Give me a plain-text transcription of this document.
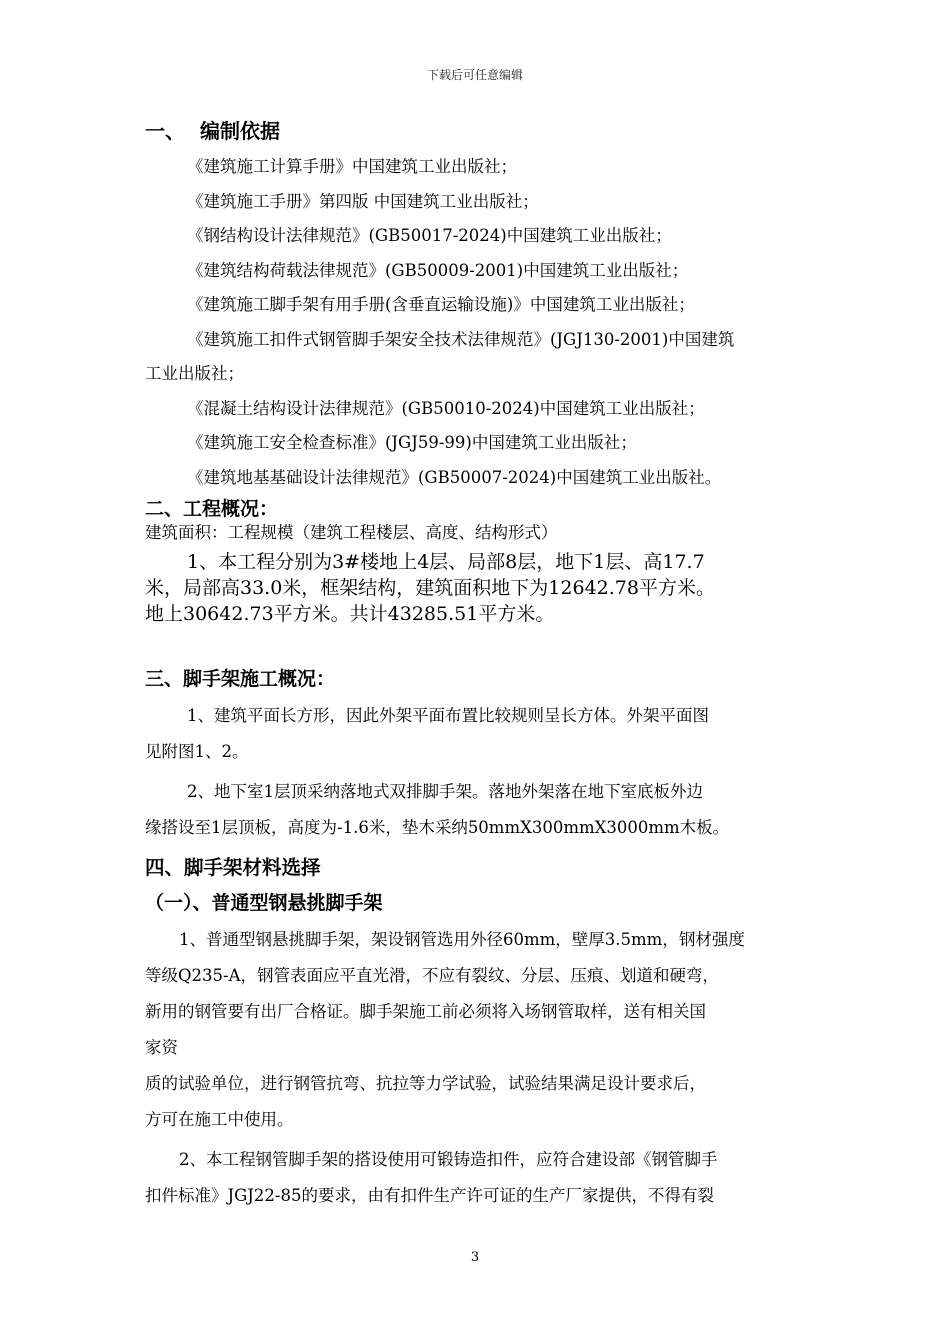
下载后可任意编辑
一、 编制依据
《建筑施工计算手册》中国建筑工业出版社；
《建筑施工手册》第四版 中国建筑工业出版社；
《钢结构设计法律规范》(GB50017-2024)中国建筑工业出版社；
《建筑结构荷载法律规范》(GB50009-2001)中国建筑工业出版社；
《建筑施工脚手架有用手册(含垂直运输设施)》中国建筑工业出版社；
《建筑施工扣件式钢管脚手架安全技术法律规范》(JGJ130-2001)中国建筑
工业出版社；
《混凝土结构设计法律规范》(GB50010-2024)中国建筑工业出版社；
《建筑施工安全检查标准》(JGJ59-99)中国建筑工业出版社；
《建筑地基基础设计法律规范》(GB50007-2024)中国建筑工业出版社。
二、工程概况：
建筑面积：工程规模（建筑工程楼层、高度、结构形式）
1、本工程分别为3#楼地上4层、局部8层，地下1层、高17.7
米，局部高33.0米，框架结构，建筑面积地下为12642.78平方米。
地上30642.73平方米。共计43285.51平方米。
三、脚手架施工概况：
1、建筑平面长方形，因此外架平面布置比较规则呈长方体。外架平面图
见附图1、2。
2、地下室1层顶采纳落地式双排脚手架。落地外架落在地下室底板外边
缘搭设至1层顶板，高度为-1.6米，垫木采纳50mmX300mmX3000mm木板。
四、脚手架材料选择
（一）、普通型钢悬挑脚手架
1、普通型钢悬挑脚手架，架设钢管选用外径60mm，壁厚3.5mm，钢材强度
等级Q235-A，钢管表面应平直光滑，不应有裂纹、分层、压痕、划道和硬弯，
新用的钢管要有出厂合格证。脚手架施工前必须将入场钢管取样，送有相关国
家资
质的试验单位，进行钢管抗弯、抗拉等力学试验，试验结果满足设计要求后，
方可在施工中使用。
2、本工程钢管脚手架的搭设使用可锻铸造扣件，应符合建设部《钢管脚手
扣件标准》JGJ22-85的要求，由有扣件生产许可证的生产厂家提供，不得有裂
3
